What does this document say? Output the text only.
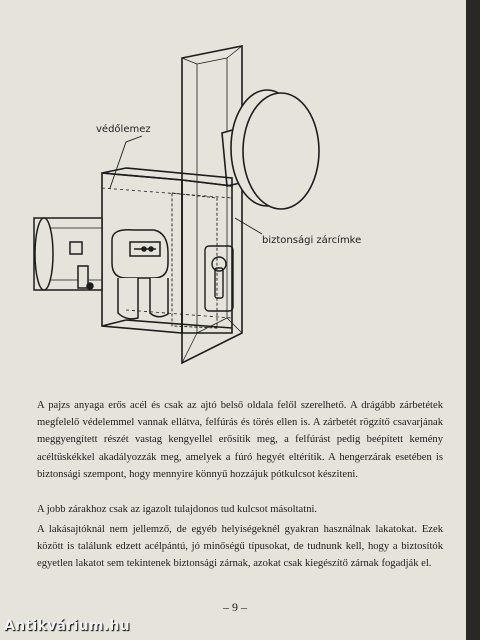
védőlemez
biztonsági zárcímke

A pajzs anyaga erős acél és csak az ajtó belső oldala felől szerelhető. A drágább zárbetétek megfelelő védelemmel vannak ellátva, felfúrás és törés ellen is. A zárbetét rögzítő csavarjának meggyengített részét vastag kengyellel erősítik meg, a felfúrást pedig beépített kemény acéltüskékkel akadályozzák meg, amelyek a fúró hegyét eltérítik. A hengerzárak esetében is biztonsági szempont, hogy mennyire könnyű hozzájuk pótkulcsot késziteni.

A jobb zárakhoz csak az igazolt tulajdonos tud kulcsot másoltatni.

A lakásajtóknál nem jellemző, de egyéb helyiségeknél gyakran használnak lakatokat. Ezek között is találunk edzett acélpántú, jó minőségű típusokat, de tudnunk kell, hogy a biztosítók egyetlen lakatot sem tekintenek biztonsági zárnak, azokat csak kiegészítő zárnak fogadják el.

– 9 –
Antikvárium.hu
